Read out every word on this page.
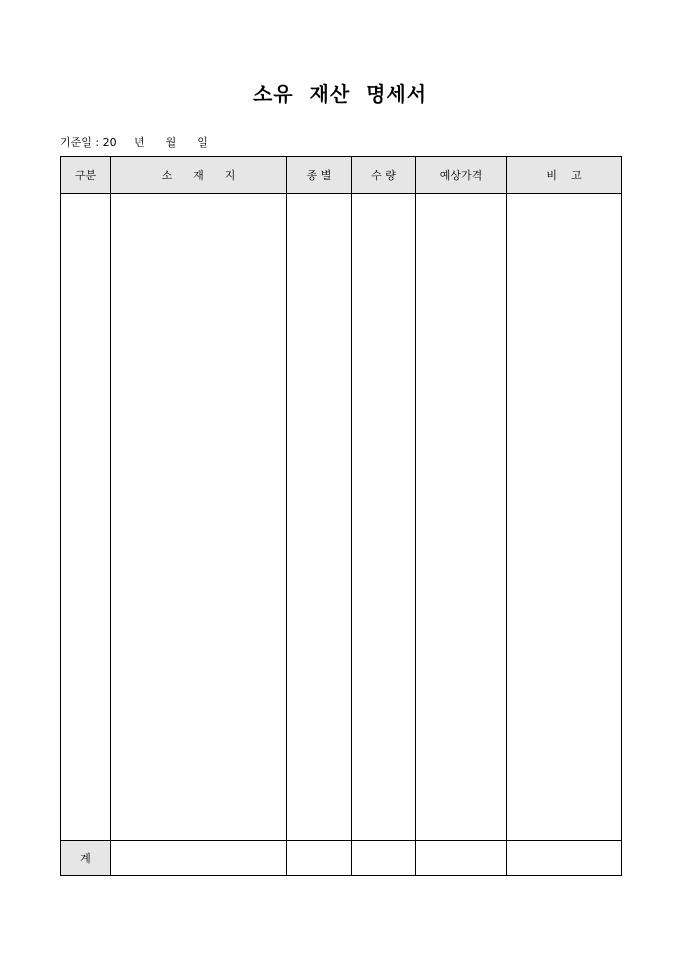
소유  재산  명세서
기준일 : 20     년      월      일
구분	소      재      지	종 별	수 량	예상가격	비    고

계					
